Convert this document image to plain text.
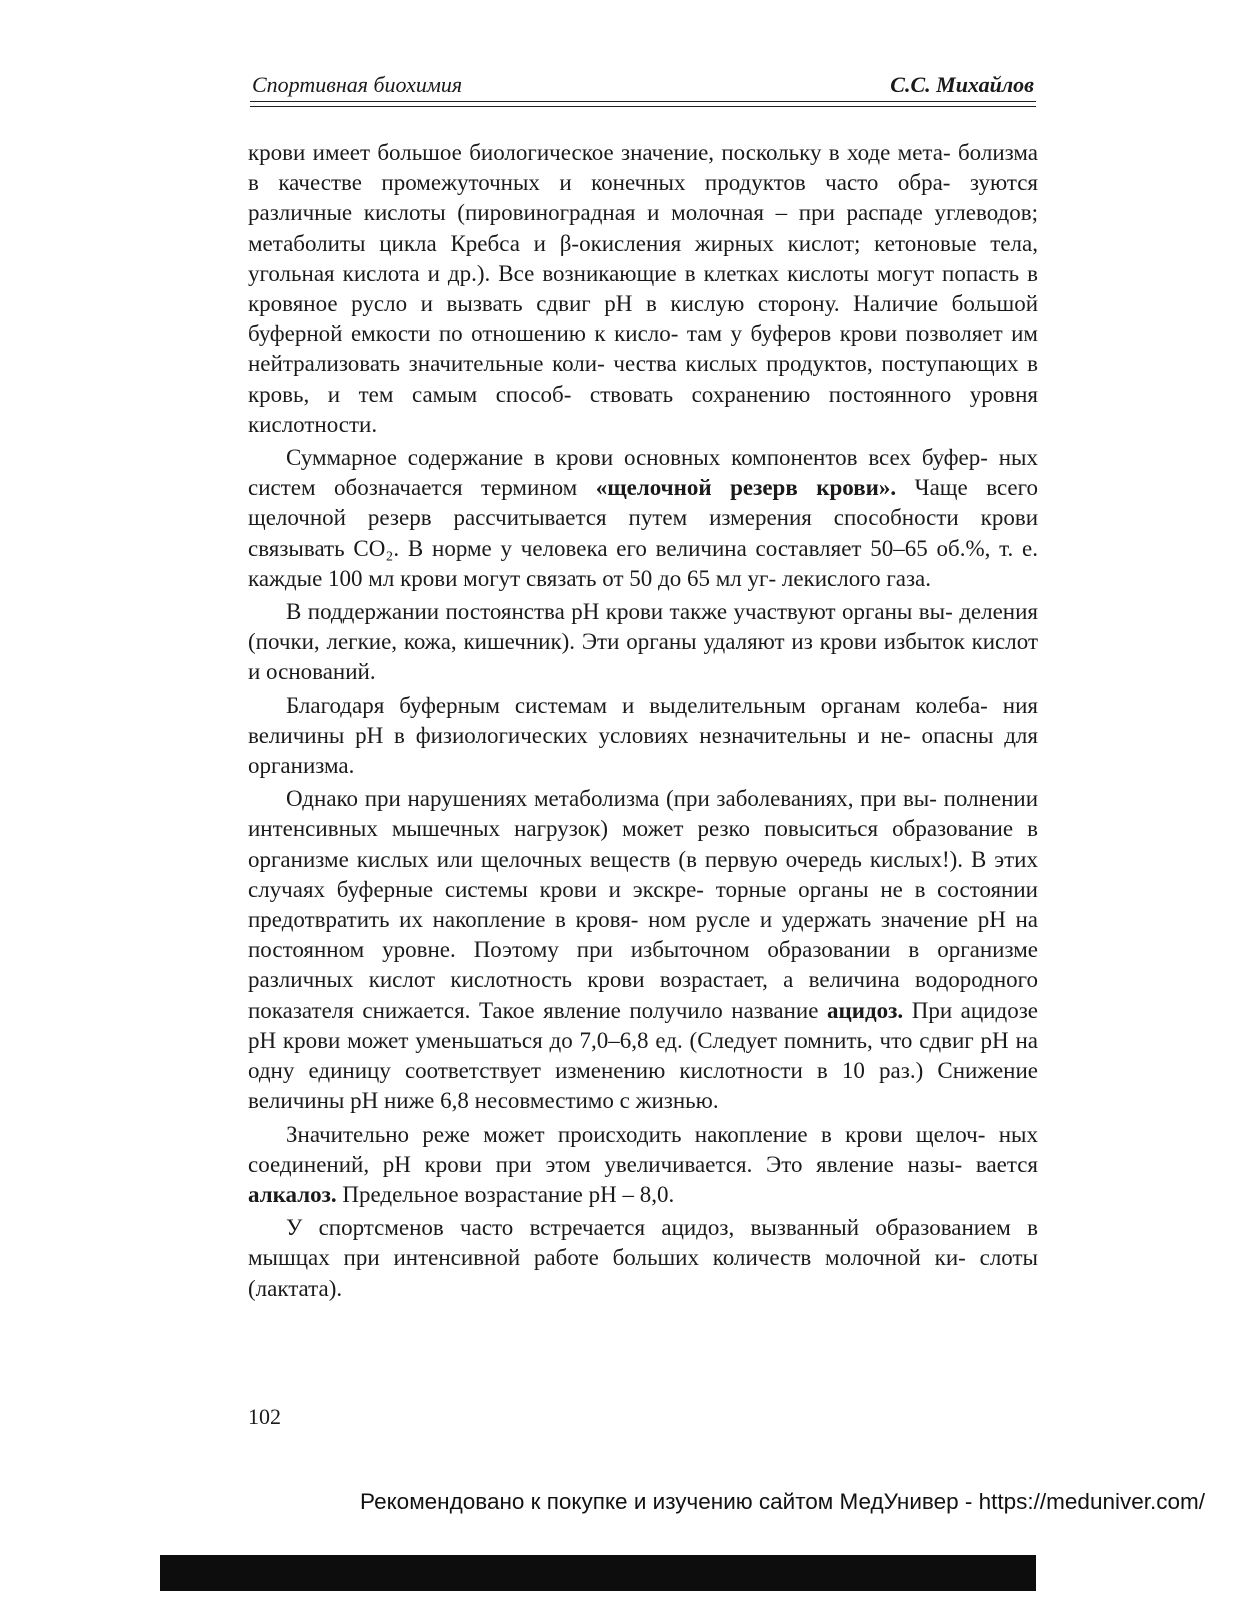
Спортивная биохимия	С.С. Михайлов

крови имеет большое биологическое значение, поскольку в ходе мета- болизма в качестве промежуточных и конечных продуктов часто обра- зуются различные кислоты (пировиноградная и молочная – при распаде углеводов; метаболиты цикла Кребса и β-окисления жирных кислот; кетоновые тела, угольная кислота и др.). Все возникающие в клетках кислоты могут попасть в кровяное русло и вызвать сдвиг pH в кислую сторону. Наличие большой буферной емкости по отношению к кисло- там у буферов крови позволяет им нейтрализовать значительные коли- чества кислых продуктов, поступающих в кровь, и тем самым способ- ствовать сохранению постоянного уровня кислотности.

Суммарное содержание в крови основных компонентов всех буфер- ных систем обозначается термином «щелочной резерв крови». Чаще всего щелочной резерв рассчитывается путем измерения способности крови связывать CO₂. В норме у человека его величина составляет 50–65 об.%, т. е. каждые 100 мл крови могут связать от 50 до 65 мл уг- лекислого газа.

В поддержании постоянства pH крови также участвуют органы вы- деления (почки, легкие, кожа, кишечник). Эти органы удаляют из крови избыток кислот и оснований.

Благодаря буферным системам и выделительным органам колеба- ния величины pH в физиологических условиях незначительны и не- опасны для организма.

Однако при нарушениях метаболизма (при заболеваниях, при вы- полнении интенсивных мышечных нагрузок) может резко повыситься образование в организме кислых или щелочных веществ (в первую очередь кислых!). В этих случаях буферные системы крови и экскре- торные органы не в состоянии предотвратить их накопление в кровя- ном русле и удержать значение pH на постоянном уровне. Поэтому при избыточном образовании в организме различных кислот кислотность крови возрастает, а величина водородного показателя снижается. Такое явление получило название ацидоз. При ацидозе pH крови может уменьшаться до 7,0–6,8 ед. (Следует помнить, что сдвиг pH на одну единицу соответствует изменению кислотности в 10 раз.) Снижение величины pH ниже 6,8 несовместимо с жизнью.

Значительно реже может происходить накопление в крови щелоч- ных соединений, pH крови при этом увеличивается. Это явление назы- вается алкалоз. Предельное возрастание pH – 8,0.

У спортсменов часто встречается ацидоз, вызванный образованием в мышцах при интенсивной работе больших количеств молочной ки- слоты (лактата).

102
Рекомендовано к покупке и изучению сайтом МедУнивер - https://meduniver.com/
